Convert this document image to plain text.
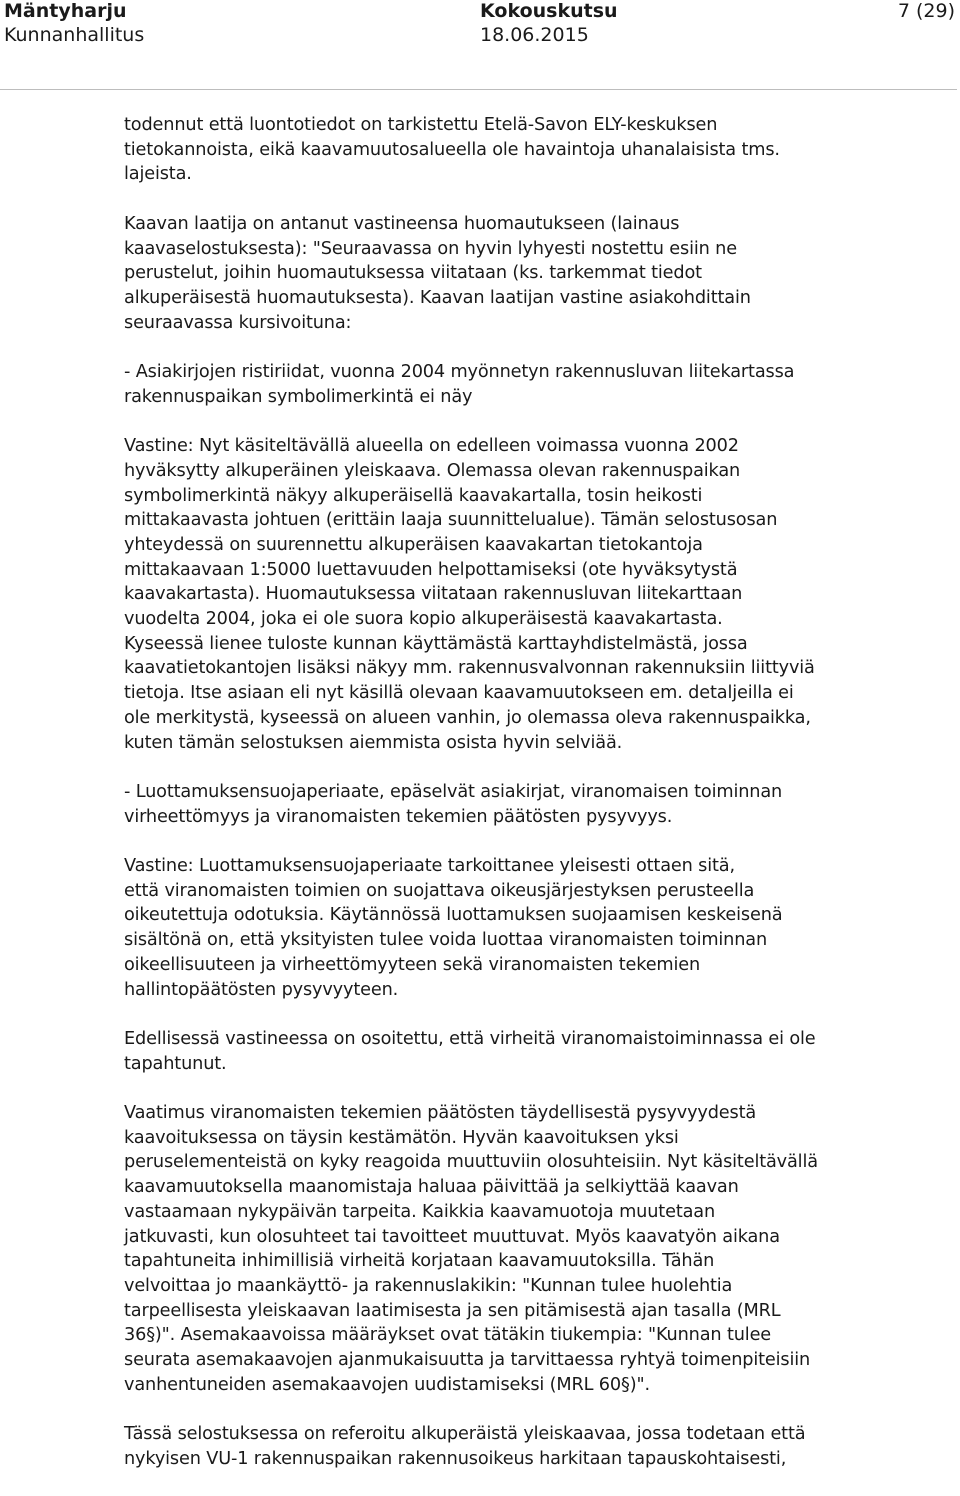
Mäntyharju
Kunnanhallitus
Kokouskutsu
18.06.2015
7 (29)
todennut että luontotiedot on tarkistettu Etelä-Savon ELY-keskuksen
tietokannoista, eikä kaavamuutosalueella ole havaintoja uhanalaisista tms.
lajeista.
Kaavan laatija on antanut vastineensa huomautukseen (lainaus
kaavaselostuksesta): "Seuraavassa on hyvin lyhyesti nostettu esiin ne
perustelut, joihin huomautuksessa viitataan (ks. tarkemmat tiedot
alkuperäisestä huomautuksesta). Kaavan laatijan vastine asiakohdittain
seuraavassa kursivoituna:
- Asiakirjojen ristiriidat, vuonna 2004 myönnetyn rakennusluvan liitekartassa
rakennuspaikan symbolimerkintä ei näy
Vastine: Nyt käsiteltävällä alueella on edelleen voimassa vuonna 2002
hyväksytty alkuperäinen yleiskaava. Olemassa olevan rakennuspaikan
symbolimerkintä näkyy alkuperäisellä kaavakartalla, tosin heikosti
mittakaavasta johtuen (erittäin laaja suunnittelualue). Tämän selostusosan
yhteydessä on suurennettu alkuperäisen kaavakartan tietokantoja
mittakaavaan 1:5000 luettavuuden helpottamiseksi (ote hyväksytystä
kaavakartasta). Huomautuksessa viitataan rakennusluvan liitekarttaan
vuodelta 2004, joka ei ole suora kopio alkuperäisestä kaavakartasta.
Kyseessä lienee tuloste kunnan käyttämästä karttayhdistelmästä, jossa
kaavatietokantojen lisäksi näkyy mm. rakennusvalvonnan rakennuksiin liittyviä
tietoja. Itse asiaan eli nyt käsillä olevaan kaavamuutokseen em. detaljeilla ei
ole merkitystä, kyseessä on alueen vanhin, jo olemassa oleva rakennuspaikka,
kuten tämän selostuksen aiemmista osista hyvin selviää.
- Luottamuksensuojaperiaate, epäselvät asiakirjat, viranomaisen toiminnan
virheettömyys ja viranomaisten tekemien päätösten pysyvyys.
Vastine: Luottamuksensuojaperiaate tarkoittanee yleisesti ottaen sitä,
että viranomaisten toimien on suojattava oikeusjärjestyksen perusteella
oikeutettuja odotuksia. Käytännössä luottamuksen suojaamisen keskeisenä
sisältönä on, että yksityisten tulee voida luottaa viranomaisten toiminnan
oikeellisuuteen ja virheettömyyteen sekä viranomaisten tekemien
hallintopäätösten pysyvyyteen.
Edellisessä vastineessa on osoitettu, että virheitä viranomaistoiminnassa ei ole
tapahtunut.
Vaatimus viranomaisten tekemien päätösten täydellisestä pysyvyydestä
kaavoituksessa on täysin kestämätön. Hyvän kaavoituksen yksi
peruselementeistä on kyky reagoida muuttuviin olosuhteisiin. Nyt käsiteltävällä
kaavamuutoksella maanomistaja haluaa päivittää ja selkiyttää kaavan
vastaamaan nykypäivän tarpeita. Kaikkia kaavamuotoja muutetaan
jatkuvasti, kun olosuhteet tai tavoitteet muuttuvat. Myös kaavatyön aikana
tapahtuneita inhimillisiä virheitä korjataan kaavamuutoksilla. Tähän
velvoittaa jo maankäyttö- ja rakennuslakikin: "Kunnan tulee huolehtia
tarpeellisesta yleiskaavan laatimisesta ja sen pitämisestä ajan tasalla (MRL
36§)". Asemakaavoissa määräykset ovat tätäkin tiukempia: "Kunnan tulee
seurata asemakaavojen ajanmukaisuutta ja tarvittaessa ryhtyä toimenpiteisiin
vanhentuneiden asemakaavojen uudistamiseksi (MRL 60§)".
Tässä selostuksessa on referoitu alkuperäistä yleiskaavaa, jossa todetaan että
nykyisen VU-1 rakennuspaikan rakennusoikeus harkitaan tapauskohtaisesti,
